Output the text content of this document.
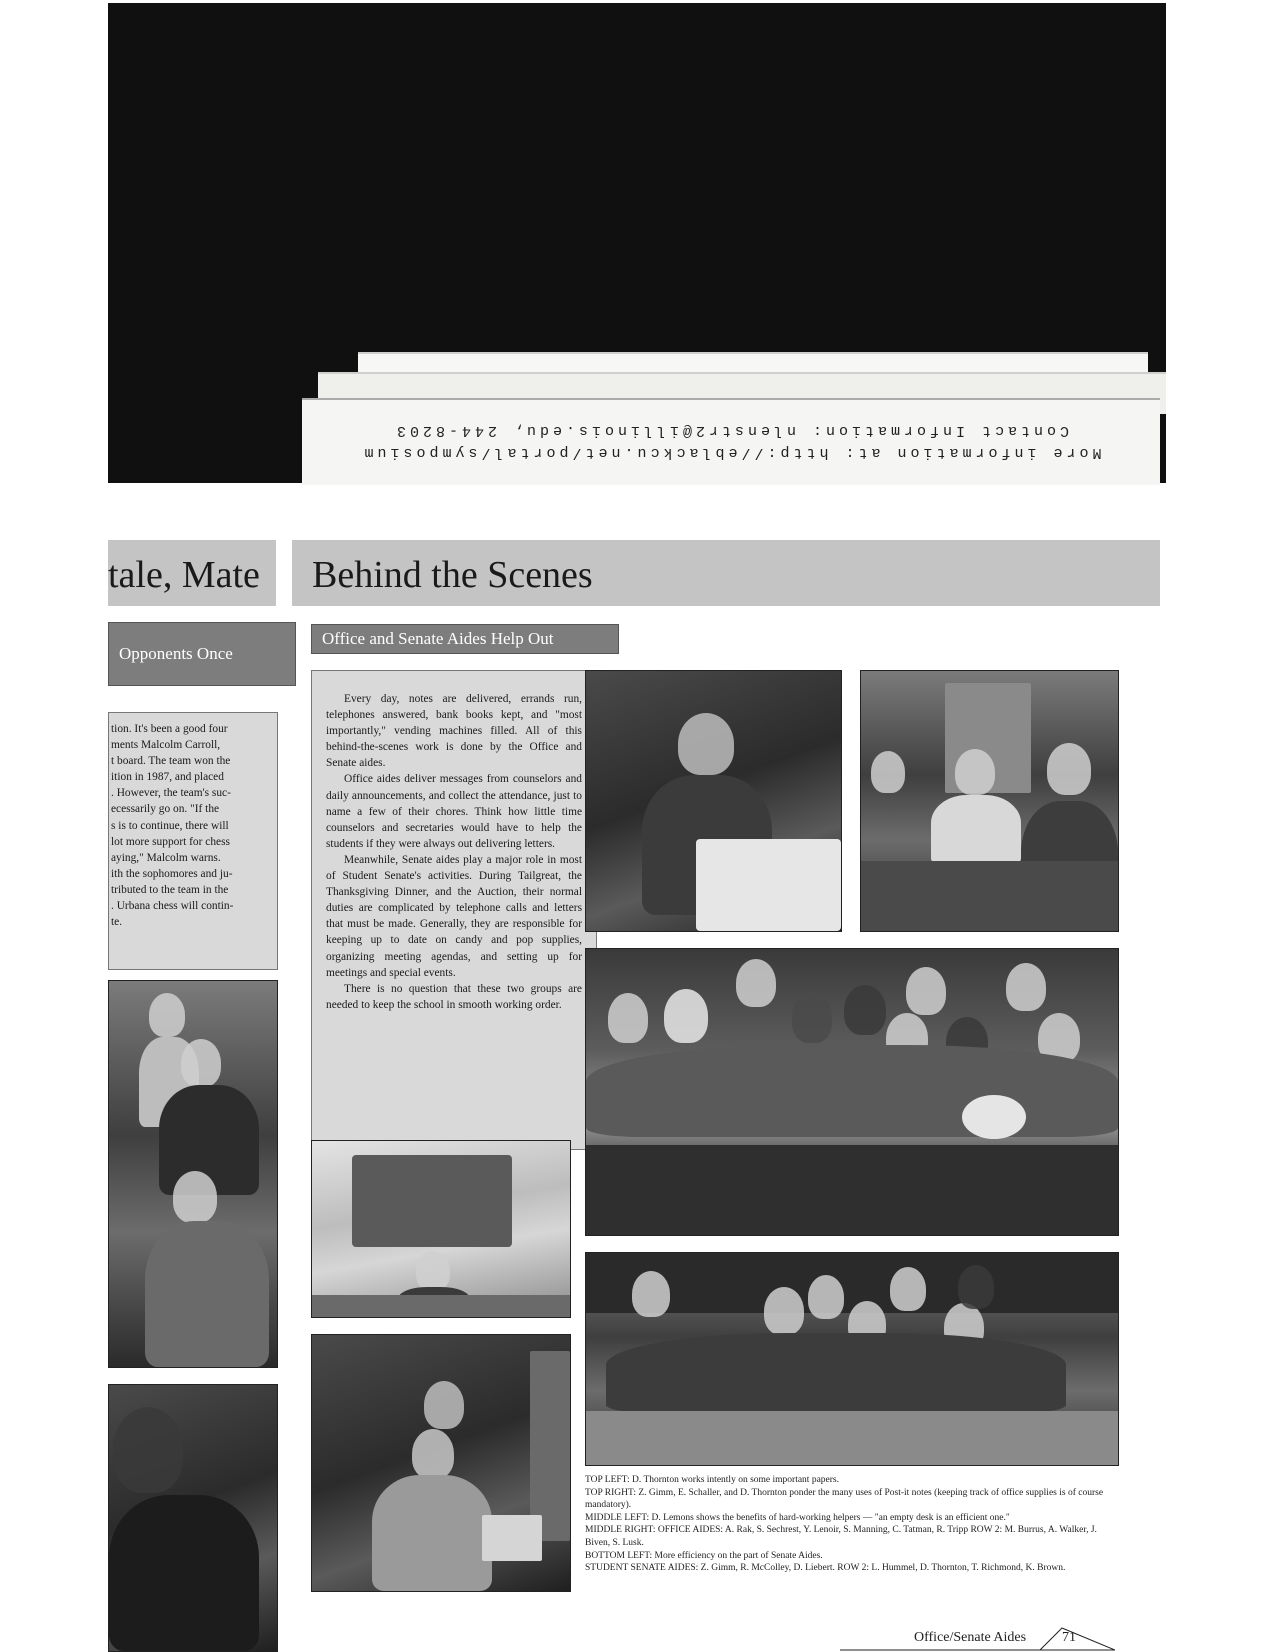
More information at: http://eblackcu.net/portal/symposium
Contact Information: nlenstr2@illinois.edu, 244-8203
tale, Mate Behind the Scenes
Opponents Once
tion. It's been a good four
ments Malcolm Carroll,
t board. The team won the
ition in 1987, and placed
. However, the team's suc-
ecessarily go on. "If the
s is to continue, there will
lot more support for chess
aying," Malcolm warns.
ith the sophomores and ju-
tributed to the team in the
. Urbana chess will contin-
te.
Office and Senate Aides Help Out

Every day, notes are delivered, errands run, telephones answered, bank books kept, and "most importantly," vending machines filled. All of this behind-the-scenes work is done by the Office and Senate aides.

Office aides deliver messages from counselors and daily announcements, and collect the attendance, just to name a few of their chores. Think how little time counselors and secretaries would have to help the students if they were always out delivering letters.

Meanwhile, Senate aides play a major role in most of Student Senate's activities. During Tailgreat, the Thanksgiving Dinner, and the Auction, their normal duties are complicated by telephone calls and letters that must be made. Generally, they are responsible for keeping up to date on candy and pop supplies, organizing meeting agendas, and setting up for meetings and special events.

There is no question that these two groups are needed to keep the school in smooth working order.

TOP LEFT: D. Thornton works intently on some important papers.
TOP RIGHT: Z. Gimm, E. Schaller, and D. Thornton ponder the many uses of Post-it notes (keeping track of office supplies is of course mandatory).
MIDDLE LEFT: D. Lemons shows the benefits of hard-working helpers — "an empty desk is an efficient one."
MIDDLE RIGHT: OFFICE AIDES: A. Rak, S. Sechrest, Y. Lenoir, S. Manning, C. Tatman, R. Tripp ROW 2: M. Burrus, A. Walker, J. Biven, S. Lusk.
BOTTOM LEFT: More efficiency on the part of Senate Aides.
STUDENT SENATE AIDES: Z. Gimm, R. McColley, D. Liebert. ROW 2: L. Hummel, D. Thornton, T. Richmond, K. Brown.
Office/Senate Aides	71
